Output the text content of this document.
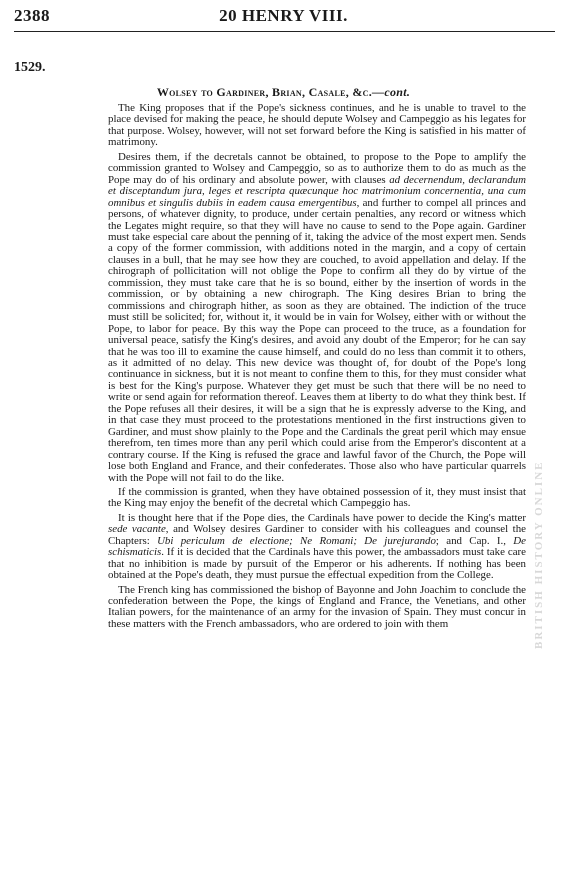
2388	20 HENRY VIII.
1529.
Wolsey to Gardiner, Brian, Casale, &c.—cont.

The King proposes that if the Pope's sickness continues, and he is unable to travel to the place devised for making the peace, he should depute Wolsey and Campeggio as his legates for that purpose. Wolsey, however, will not set forward before the King is satisfied in his matter of matrimony.

Desires them, if the decretals cannot be obtained, to propose to the Pope to amplify the commission granted to Wolsey and Campeggio, so as to authorize them to do as much as the Pope may do of his ordinary and absolute power, with clauses ad decernendum, declarandum et disceptandum jura, leges et rescripta quæcunque hoc matrimonium concernentia, una cum omnibus et singulis dubiis in eadem causa emergentibus, and further to compel all princes and persons, of whatever dignity, to produce, under certain penalties, any record or witness which the Legates might require, so that they will have no cause to send to the Pope again. Gardiner must take especial care about the penning of it, taking the advice of the most expert men. Sends a copy of the former commission, with additions noted in the margin, and a copy of certain clauses in a bull, that he may see how they are couched, to avoid appellation and delay. If the chirograph of pollicitation will not oblige the Pope to confirm all they do by virtue of the commission, they must take care that he is so bound, either by the insertion of words in the commission, or by obtaining a new chirograph. The King desires Brian to bring the commissions and chirograph hither, as soon as they are obtained. The indiction of the truce must still be solicited; for, without it, it would be in vain for Wolsey, either with or without the Pope, to labor for peace. By this way the Pope can proceed to the truce, as a foundation for universal peace, satisfy the King's desires, and avoid any doubt of the Emperor; for he can say that he was too ill to examine the cause himself, and could do no less than commit it to others, as it admitted of no delay. This new device was thought of, for doubt of the Pope's long continuance in sickness, but it is not meant to confine them to this, for they must consider what is best for the King's purpose. Whatever they get must be such that there will be no need to write or send again for reformation thereof. Leaves them at liberty to do what they think best. If the Pope refuses all their desires, it will be a sign that he is expressly adverse to the King, and in that case they must proceed to the protestations mentioned in the first instructions given to Gardiner, and must show plainly to the Pope and the Cardinals the great peril which may ensue therefrom, ten times more than any peril which could arise from the Emperor's discontent at a contrary course. If the King is refused the grace and lawful favor of the Church, the Pope will lose both England and France, and their confederates. Those also who have particular quarrels with the Pope will not fail to do the like.

If the commission is granted, when they have obtained possession of it, they must insist that the King may enjoy the benefit of the decretal which Campeggio has.

It is thought here that if the Pope dies, the Cardinals have power to decide the King's matter sede vacante, and Wolsey desires Gardiner to consider with his colleagues and counsel the Chapters: Ubi periculum de electione; Ne Romani; De jurejurando; and Cap. I., De schismaticis. If it is decided that the Cardinals have this power, the ambassadors must take care that no inhibition is made by pursuit of the Emperor or his adherents. If nothing has been obtained at the Pope's death, they must pursue the effectual expedition from the College.

The French king has commissioned the bishop of Bayonne and John Joachim to conclude the confederation between the Pope, the kings of England and France, the Venetians, and other Italian powers, for the maintenance of an army for the invasion of Spain. They must concur in these matters with the French ambassadors, who are ordered to join with them	BRITISH HISTORY ONLINE
